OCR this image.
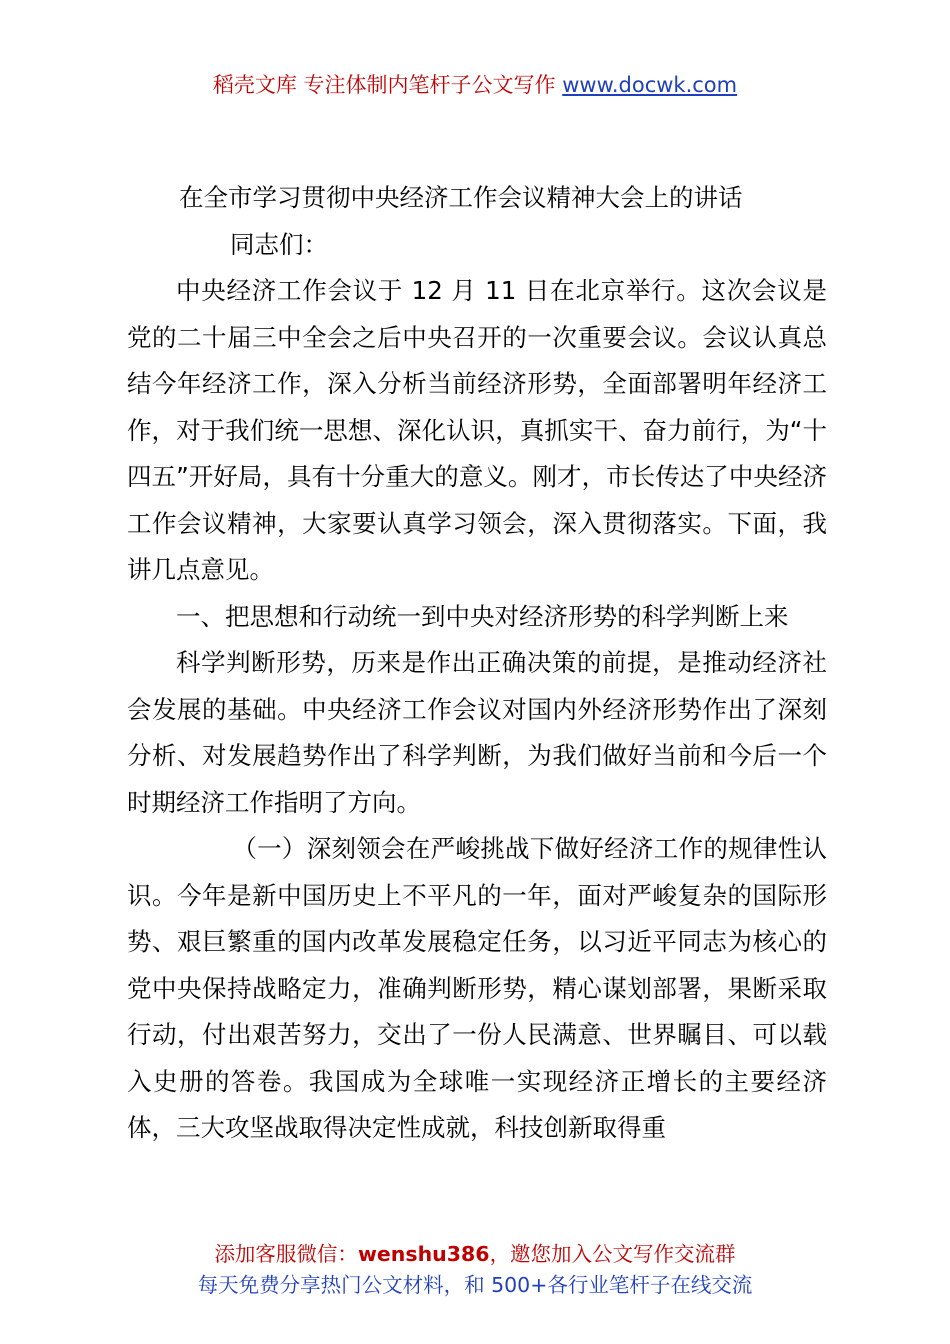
稻壳文库 专注体制内笔杆子公文写作 www.docwk.com

在全市学习贯彻中央经济工作会议精神大会上的讲话

同志们：

中央经济工作会议于 12 月 11 日在北京举行。这次会议是党的二十届三中全会之后中央召开的一次重要会议。会议认真总结今年经济工作，深入分析当前经济形势，全面部署明年经济工作，对于我们统一思想、深化认识，真抓实干、奋力前行，为“十四五”开好局，具有十分重大的意义。刚才，市长传达了中央经济工作会议精神，大家要认真学习领会，深入贯彻落实。下面，我讲几点意见。

一、把思想和行动统一到中央对经济形势的科学判断上来

科学判断形势，历来是作出正确决策的前提，是推动经济社会发展的基础。中央经济工作会议对国内外经济形势作出了深刻分析、对发展趋势作出了科学判断，为我们做好当前和今后一个时期经济工作指明了方向。

（一）深刻领会在严峻挑战下做好经济工作的规律性认识。今年是新中国历史上不平凡的一年，面对严峻复杂的国际形势、艰巨繁重的国内改革发展稳定任务，以习近平同志为核心的党中央保持战略定力，准确判断形势，精心谋划部署，果断采取行动，付出艰苦努力，交出了一份人民满意、世界瞩目、可以载入史册的答卷。我国成为全球唯一实现经济正增长的主要经济体，三大攻坚战取得决定性成就，科技创新取得重

添加客服微信：wenshu386，邀您加入公文写作交流群
每天免费分享热门公文材料，和 500+各行业笔杆子在线交流
